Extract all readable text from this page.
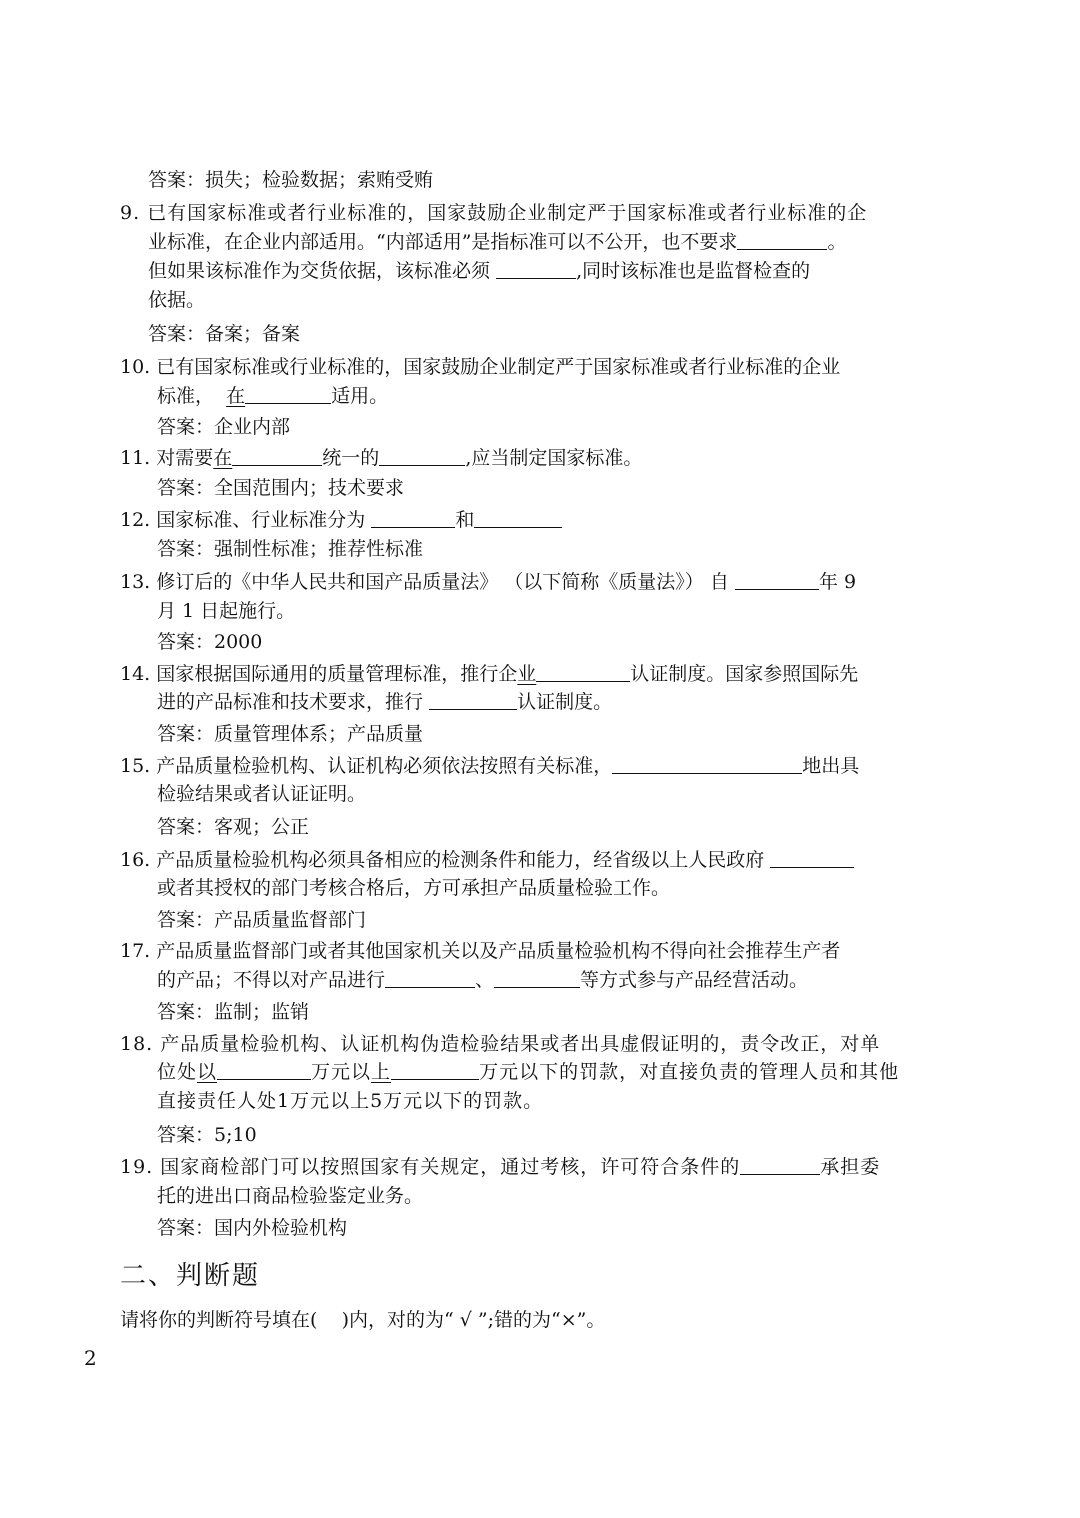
答案：损失；检验数据；索贿受贿
9. 已有国家标准或者行业标准的，国家鼓励企业制定严于国家标准或者行业标准的企
业标准，在企业内部适用。“内部适用”是指标准可以不公开，也不要求	。
但如果该标准作为交货依据，该标准必须	,同时该标准也是监督检查的
依据。
答案：备案；备案
10. 已有国家标准或行业标准的，国家鼓励企业制定严于国家标准或者行业标准的企业
标准， 在	适用。
答案：企业内部
11. 对需要在	统一的	,应当制定国家标准。
答案：全国范围内；技术要求
12. 国家标准、行业标准分为	和
答案：强制性标准；推荐性标准
13. 修订后的《中华人民共和国产品质量法》 （以下简称《质量法》） 自	年 9
月 1 日起施行。
答案：2000
14. 国家根据国际通用的质量管理标准，推行企业	认证制度。国家参照国际先
进的产品标准和技术要求，推行	认证制度。
答案：质量管理体系；产品质量
15. 产品质量检验机构、认证机构必须依法按照有关标准，	地出具
检验结果或者认证证明。
答案：客观；公正
16. 产品质量检验机构必须具备相应的检测条件和能力，经省级以上人民政府
或者其授权的部门考核合格后，方可承担产品质量检验工作。
答案：产品质量监督部门
17. 产品质量监督部门或者其他国家机关以及产品质量检验机构不得向社会推荐生产者
的产品；不得以对产品进行	、	等方式参与产品经营活动。
答案：监制；监销
18. 产品质量检验机构、认证机构伪造检验结果或者出具虚假证明的，责令改正，对单
位处以	万元以上	万元以下的罚款，对直接负责的管理人员和其他
直接责任人处1万元以上5万元以下的罚款。
答案：5;10
19. 国家商检部门可以按照国家有关规定，通过考核，许可符合条件的	承担委
托的进出口商品检验鉴定业务。
答案：国内外检验机构
二、判断题
请将你的判断符号填在(    )内，对的为“ √ ”;错的为“×”。
2
